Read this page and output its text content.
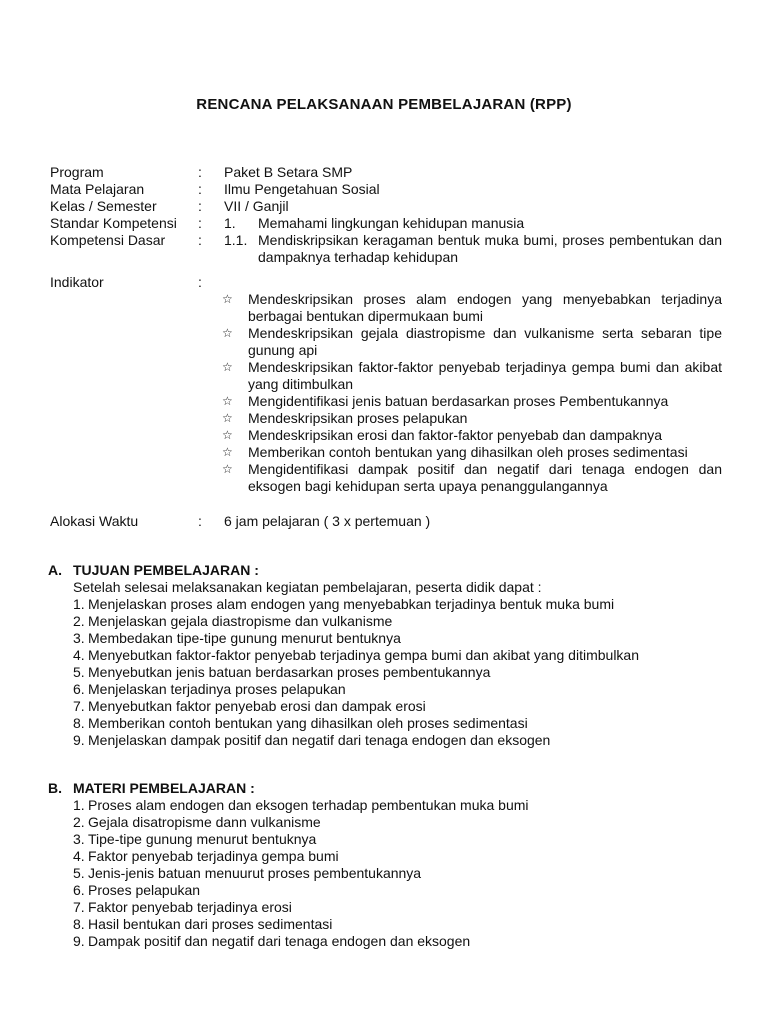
RENCANA PELAKSANAAN PEMBELAJARAN (RPP)
Program	: Paket B Setara SMP
Mata Pelajaran	: Ilmu Pengetahuan Sosial
Kelas / Semester	: VII / Ganjil
Standar Kompetensi	: 1. Memahami lingkungan kehidupan manusia
Kompetensi Dasar	: 1.1. Mendiskripsikan keragaman bentuk muka bumi, proses pembentukan dan dampaknya terhadap kehidupan
Indikator	:

☆	Mendeskripsikan proses alam endogen yang menyebabkan terjadinya berbagai bentukan dipermukaan bumi
☆	Mendeskripsikan gejala diastropisme dan vulkanisme serta sebaran tipe gunung api
☆	Mendeskripsikan faktor-faktor penyebab terjadinya gempa bumi dan akibat yang ditimbulkan
☆	Mengidentifikasi jenis batuan berdasarkan proses Pembentukannya
☆	Mendeskripsikan proses pelapukan
☆	Mendeskripsikan erosi dan faktor-faktor penyebab dan dampaknya
☆	Memberikan contoh bentukan yang dihasilkan oleh proses sedimentasi
☆	Mengidentifikasi dampak positif dan negatif dari tenaga endogen dan eksogen bagi kehidupan serta upaya penanggulangannya
Alokasi Waktu	: 6 jam pelajaran ( 3 x pertemuan )
A. TUJUAN PEMBELAJARAN :
Setelah selesai melaksanakan kegiatan pembelajaran, peserta didik dapat :
1. Menjelaskan proses alam endogen yang menyebabkan terjadinya bentuk muka bumi
2. Menjelaskan gejala diastropisme dan vulkanisme
3. Membedakan tipe-tipe gunung menurut bentuknya
4. Menyebutkan faktor-faktor penyebab terjadinya gempa bumi dan akibat yang ditimbulkan
5. Menyebutkan jenis batuan berdasarkan proses pembentukannya
6. Menjelaskan terjadinya proses pelapukan
7. Menyebutkan faktor penyebab erosi dan dampak erosi
8. Memberikan contoh bentukan yang dihasilkan oleh proses sedimentasi
9. Menjelaskan dampak positif dan negatif dari tenaga endogen dan eksogen
B. MATERI PEMBELAJARAN :
1. Proses alam endogen dan eksogen terhadap pembentukan muka bumi
2. Gejala disatropisme dann vulkanisme
3. Tipe-tipe gunung menurut bentuknya
4. Faktor penyebab terjadinya gempa bumi
5. Jenis-jenis batuan menuurut proses pembentukannya
6. Proses pelapukan
7. Faktor penyebab terjadinya erosi
8. Hasil bentukan dari proses sedimentasi
9. Dampak positif dan negatif dari tenaga endogen dan eksogen
